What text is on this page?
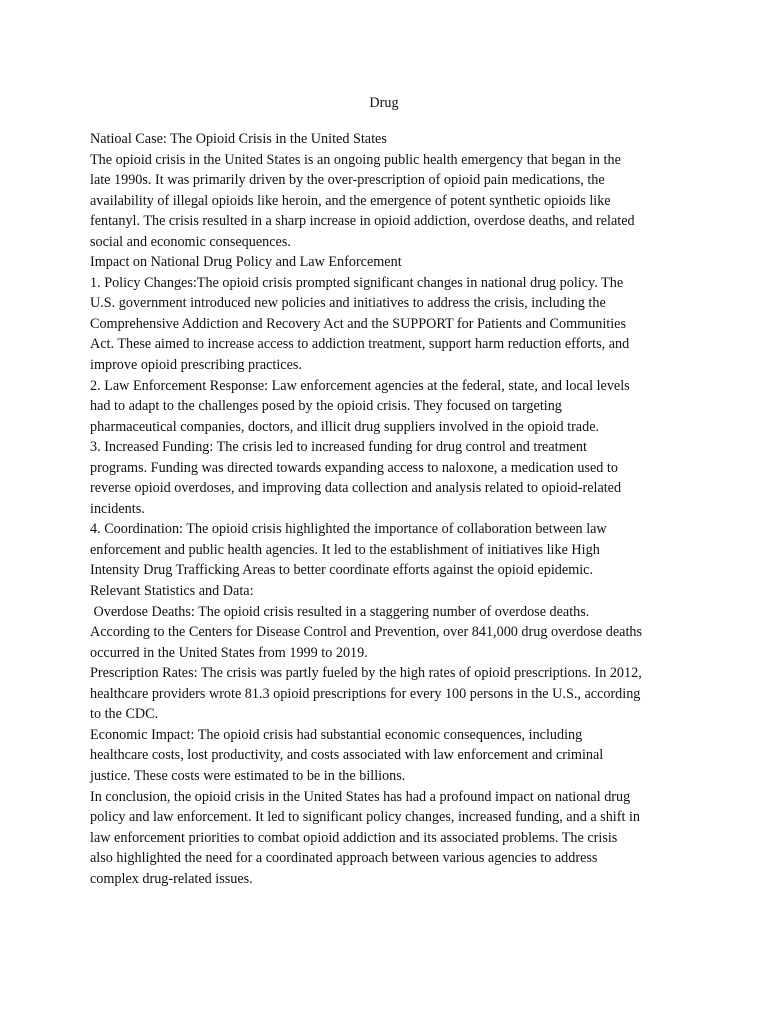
Drug
Natioal Case: The Opioid Crisis in the United States
The opioid crisis in the United States is an ongoing public health emergency that began in the
late 1990s. It was primarily driven by the over-prescription of opioid pain medications, the
availability of illegal opioids like heroin, and the emergence of potent synthetic opioids like
fentanyl. The crisis resulted in a sharp increase in opioid addiction, overdose deaths, and related
social and economic consequences.
Impact on National Drug Policy and Law Enforcement
1. Policy Changes:The opioid crisis prompted significant changes in national drug policy. The
U.S. government introduced new policies and initiatives to address the crisis, including the
Comprehensive Addiction and Recovery Act and the SUPPORT for Patients and Communities
Act. These aimed to increase access to addiction treatment, support harm reduction efforts, and
improve opioid prescribing practices.
2. Law Enforcement Response: Law enforcement agencies at the federal, state, and local levels
had to adapt to the challenges posed by the opioid crisis. They focused on targeting
pharmaceutical companies, doctors, and illicit drug suppliers involved in the opioid trade.
3. Increased Funding: The crisis led to increased funding for drug control and treatment
programs. Funding was directed towards expanding access to naloxone, a medication used to
reverse opioid overdoses, and improving data collection and analysis related to opioid-related
incidents.
4. Coordination: The opioid crisis highlighted the importance of collaboration between law
enforcement and public health agencies. It led to the establishment of initiatives like High
Intensity Drug Trafficking Areas to better coordinate efforts against the opioid epidemic.
Relevant Statistics and Data:
Overdose Deaths: The opioid crisis resulted in a staggering number of overdose deaths.
According to the Centers for Disease Control and Prevention, over 841,000 drug overdose deaths
occurred in the United States from 1999 to 2019.
Prescription Rates: The crisis was partly fueled by the high rates of opioid prescriptions. In 2012,
healthcare providers wrote 81.3 opioid prescriptions for every 100 persons in the U.S., according
to the CDC.
Economic Impact: The opioid crisis had substantial economic consequences, including
healthcare costs, lost productivity, and costs associated with law enforcement and criminal
justice. These costs were estimated to be in the billions.
In conclusion, the opioid crisis in the United States has had a profound impact on national drug
policy and law enforcement. It led to significant policy changes, increased funding, and a shift in
law enforcement priorities to combat opioid addiction and its associated problems. The crisis
also highlighted the need for a coordinated approach between various agencies to address
complex drug-related issues.
